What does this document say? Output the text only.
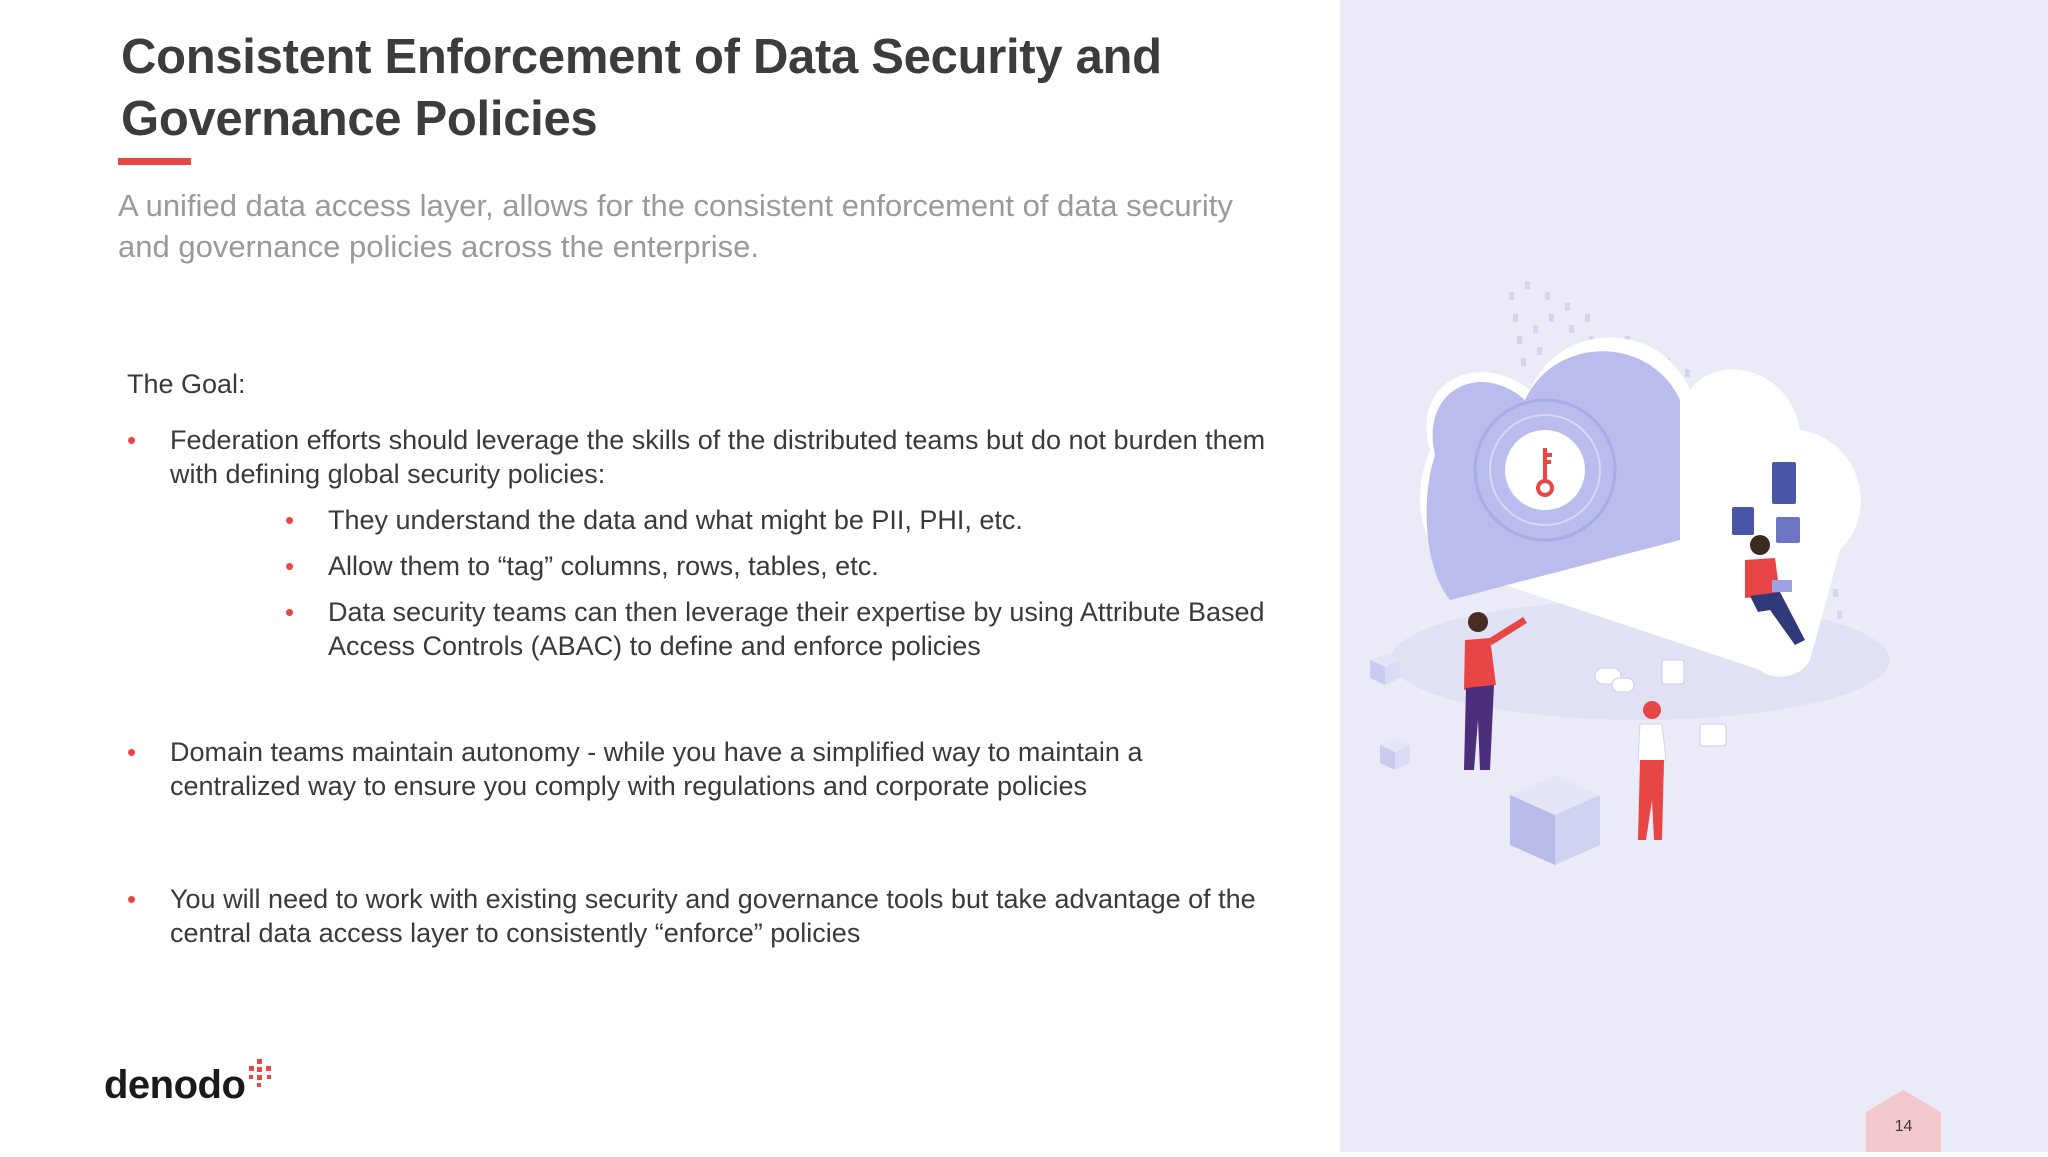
Consistent Enforcement of Data Security and Governance Policies

A unified data access layer, allows for the consistent enforcement of data security and governance policies across the enterprise.

The Goal:
• Federation efforts should leverage the skills of the distributed teams but do not burden them with defining global security policies:
• They understand the data and what might be PII, PHI, etc.
• Allow them to “tag” columns, rows, tables, etc.
• Data security teams can then leverage their expertise by using Attribute Based Access Controls (ABAC) to define and enforce policies
• Domain teams maintain autonomy - while you have a simplified way to maintain a centralized way to ensure you comply with regulations and corporate policies
• You will need to work with existing security and governance tools but take advantage of the central data access layer to consistently “enforce” policies
denodo
14
